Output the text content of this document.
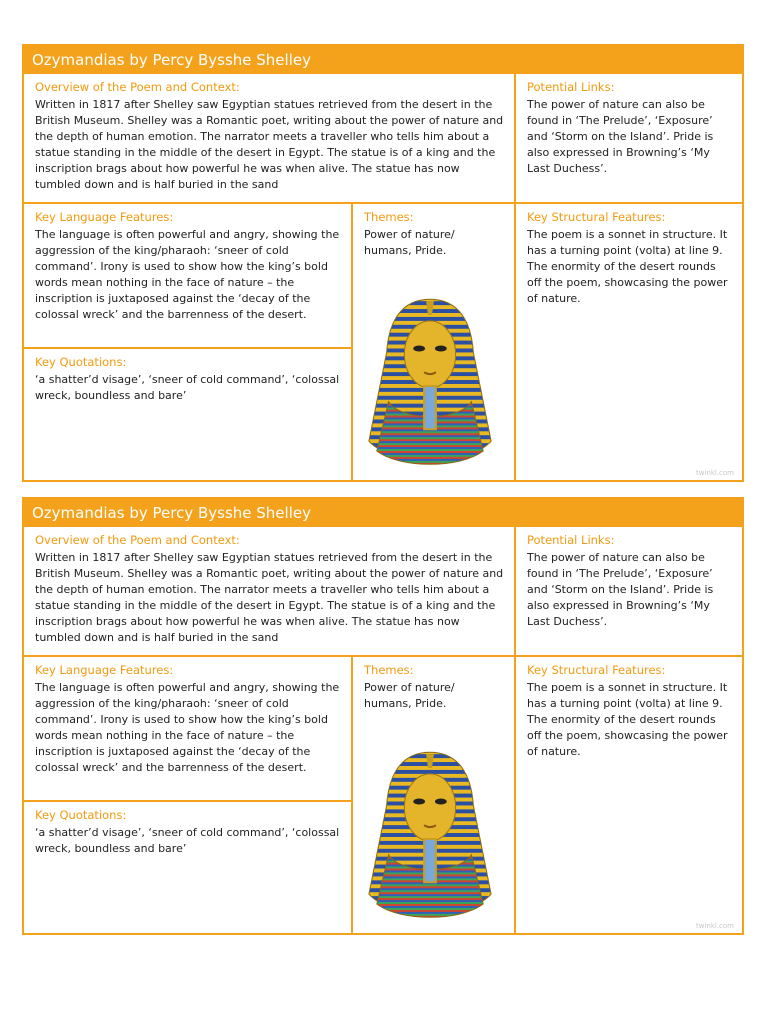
Ozymandias by Percy Bysshe Shelley
Overview of the Poem and Context:
Written in 1817 after Shelley saw Egyptian statues retrieved from the desert in the British Museum. Shelley was a Romantic poet, writing about the power of nature and the depth of human emotion. The narrator meets a traveller who tells him about a statue standing in the middle of the desert in Egypt. The statue is of a king and the inscription brags about how powerful he was when alive. The statue has now tumbled down and is half buried in the sand
Potential Links:
The power of nature can also be found in ‘The Prelude’, ‘Exposure’ and ‘Storm on the Island’. Pride is also expressed in Browning’s ‘My Last Duchess’.
Key Language Features:
The language is often powerful and angry, showing the aggression of the king/pharaoh: ‘sneer of cold command’. Irony is used to show how the king’s bold words mean nothing in the face of nature – the inscription is juxtaposed against the ‘decay of the colossal wreck’ and the barrenness of the desert.
Themes:
Power of nature/ humans, Pride.
Key Structural Features:
The poem is a sonnet in structure. It has a turning point (volta) at line 9. The enormity of the desert rounds off the poem, showcasing the power of nature.
twinkl.com
Key Quotations:
‘a shatter’d visage’, ‘sneer of cold command’, ‘colossal wreck, boundless and bare’
Ozymandias by Percy Bysshe Shelley
Overview of the Poem and Context:
Written in 1817 after Shelley saw Egyptian statues retrieved from the desert in the British Museum. Shelley was a Romantic poet, writing about the power of nature and the depth of human emotion. The narrator meets a traveller who tells him about a statue standing in the middle of the desert in Egypt. The statue is of a king and the inscription brags about how powerful he was when alive. The statue has now tumbled down and is half buried in the sand
Potential Links:
The power of nature can also be found in ‘The Prelude’, ‘Exposure’ and ‘Storm on the Island’. Pride is also expressed in Browning’s ‘My Last Duchess’.
Key Language Features:
The language is often powerful and angry, showing the aggression of the king/pharaoh: ‘sneer of cold command’. Irony is used to show how the king’s bold words mean nothing in the face of nature – the inscription is juxtaposed against the ‘decay of the colossal wreck’ and the barrenness of the desert.
Themes:
Power of nature/ humans, Pride.
Key Structural Features:
The poem is a sonnet in structure. It has a turning point (volta) at line 9. The enormity of the desert rounds off the poem, showcasing the power of nature.
twinkl.com
Key Quotations:
‘a shatter’d visage’, ‘sneer of cold command’, ‘colossal wreck, boundless and bare’
